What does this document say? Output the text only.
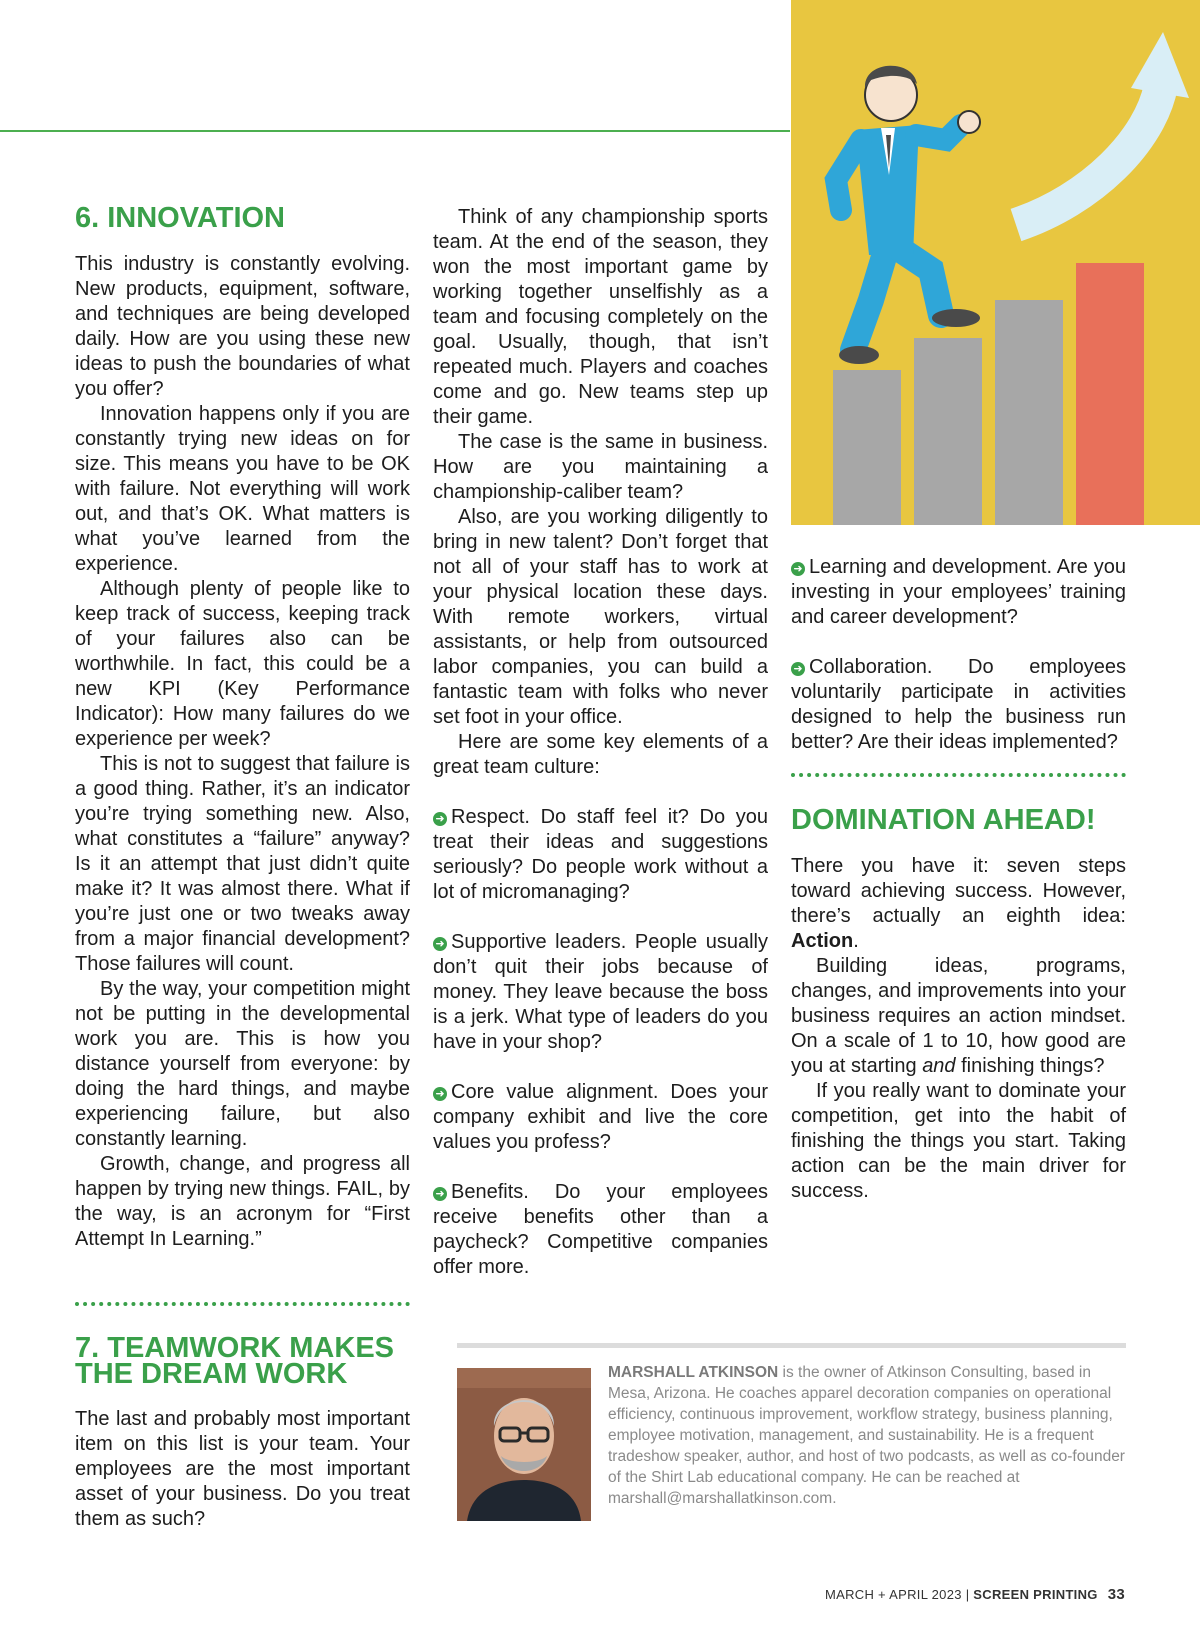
6. INNOVATION

This industry is constantly evolving. New products, equipment, software, and techniques are being developed daily. How are you using these new ideas to push the boundaries of what you offer?

Innovation happens only if you are constantly trying new ideas on for size. This means you have to be OK with failure. Not everything will work out, and that’s OK. What matters is what you’ve learned from the experience.

Although plenty of people like to keep track of success, keeping track of your failures also can be worthwhile. In fact, this could be a new KPI (Key Performance Indicator): How many failures do we experience per week?

This is not to suggest that failure is a good thing. Rather, it’s an indicator you’re trying something new. Also, what constitutes a “failure” anyway? Is it an attempt that just didn’t quite make it? It was almost there. What if you’re just one or two tweaks away from a major financial development? Those failures will count.

By the way, your competition might not be putting in the developmental work you are. This is how you distance yourself from everyone: by doing the hard things, and maybe experiencing failure, but also constantly learning.

Growth, change, and progress all happen by trying new things. FAIL, by the way, is an acronym for “First Attempt In Learning.”

7. TEAMWORK MAKES
THE DREAM WORK

The last and probably most important item on this list is your team. Your employees are the most important asset of your business. Do you treat them as such?

Think of any championship sports team. At the end of the season, they won the most important game by working together unselfishly as a team and focusing completely on the goal. Usually, though, that isn’t repeated much. Players and coaches come and go. New teams step up their game.

The case is the same in business. How are you maintaining a championship-caliber team?

Also, are you working diligently to bring in new talent? Don’t forget that not all of your staff has to work at your physical location these days. With remote workers, virtual assistants, or help from outsourced labor companies, you can build a fantastic team with folks who never set foot in your office.

Here are some key elements of a great team culture:

➜ Respect. Do staff feel it? Do you treat their ideas and suggestions seriously? Do people work without a lot of micromanaging?

➜ Supportive leaders. People usually don’t quit their jobs because of money. They leave because the boss is a jerk. What type of leaders do you have in your shop?

➜ Core value alignment. Does your company exhibit and live the core values you profess?

➜ Benefits. Do your employees receive benefits other than a paycheck? Competitive companies offer more.

➜ Learning and development. Are you investing in your employees’ training and career development?

➜ Collaboration. Do employees voluntarily participate in activities designed to help the business run better? Are their ideas implemented?

DOMINATION AHEAD!

There you have it: seven steps toward achieving success. However, there’s actually an eighth idea: Action.

Building ideas, programs, changes, and improvements into your business requires an action mindset. On a scale of 1 to 10, how good are you at starting and finishing things?

If you really want to dominate your competition, get into the habit of finishing the things you start. Taking action can be the main driver for success.

MARSHALL ATKINSON is the owner of Atkinson Consulting, based in Mesa, Arizona. He coaches apparel decoration companies on operational efficiency, continuous improvement, workflow strategy, business planning, employee motivation, management, and sustainability. He is a frequent tradeshow speaker, author, and host of two podcasts, as well as co-founder of the Shirt Lab educational company. He can be reached at marshall@marshallatkinson.com.
MARCH + APRIL 2023 | SCREEN PRINTING 33
